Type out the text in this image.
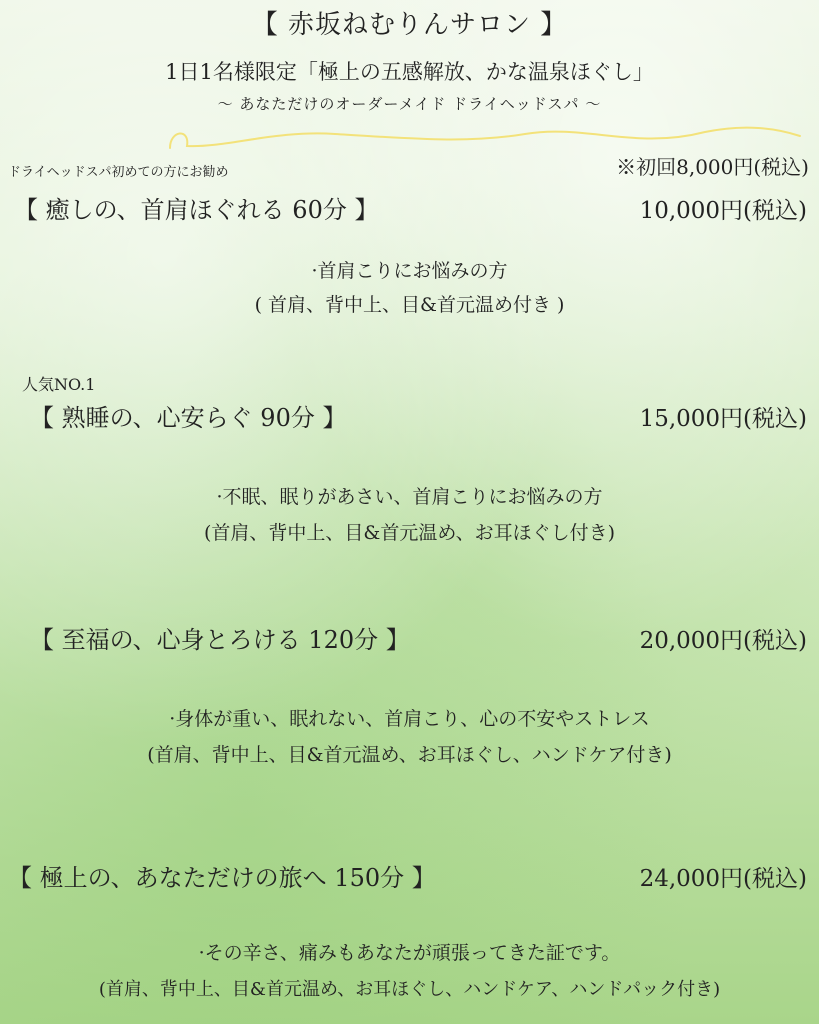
【 赤坂ねむりんサロン 】
1日1名様限定「極上の五感解放、かな温泉ほぐし」
〜 あなただけのオーダーメイド ドライヘッドスパ 〜
ドライヘッドスパ初めての方にお勧め	※初回8,000円(税込)
【 癒しの、首肩ほぐれる 60分 】	10,000円(税込)
·首肩こりにお悩みの方
( 首肩、背中上、目&首元温め付き )
人気NO.1
【 熟睡の、心安らぐ 90分 】	15,000円(税込)
·不眠、眠りがあさい、首肩こりにお悩みの方
(首肩、背中上、目&首元温め、お耳ほぐし付き)
【 至福の、心身とろける 120分 】	20,000円(税込)
·身体が重い、眠れない、首肩こり、心の不安やストレス
(首肩、背中上、目&首元温め、お耳ほぐし、ハンドケア付き)
【 極上の、あなただけの旅へ 150分 】	24,000円(税込)
·その辛さ、痛みもあなたが頑張ってきた証です。
(首肩、背中上、目&首元温め、お耳ほぐし、ハンドケア、ハンドパック付き)
